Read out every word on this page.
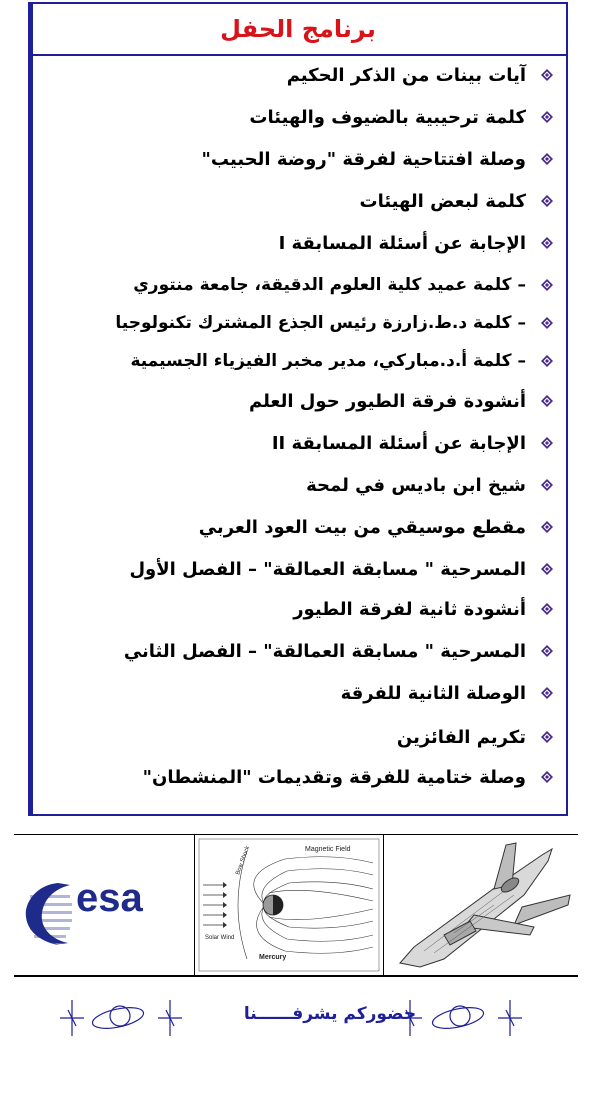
برنامج الحفل
آيات بينات من الذكر الحكيم
كلمة ترحيبية بالضيوف والهيئات
وصلة افتتاحية لفرقة "روضة الحبيب"
كلمة لبعض الهيئات
الإجابة عن أسئلة المسابقة I
– كلمة عميد كلية العلوم الدقيقة، جامعة منتوري
– كلمة د.ط.زارزة رئيس الجذع المشترك تكنولوجيا
– كلمة أ.د.مباركي، مدير مخبر الفيزياء الجسيمية
أنشودة فرقة الطيور حول العلم
الإجابة عن أسئلة المسابقة II
شيخ ابن باديس في لمحة
مقطع موسيقي من بيت العود العربي
المسرحية " مسابقة العمالقة" – الفصل الأول
أنشودة ثانية لفرقة الطيور
المسرحية " مسابقة العمالقة" – الفصل الثاني
الوصلة الثانية للفرقة
تكريم الفائزين
وصلة ختامية للفرقة وتقديمات "المنشطان"
esa
Magnetic Field
Bow Shock
Solar Wind
Mercury
حضوركم يشرفــــــنا
